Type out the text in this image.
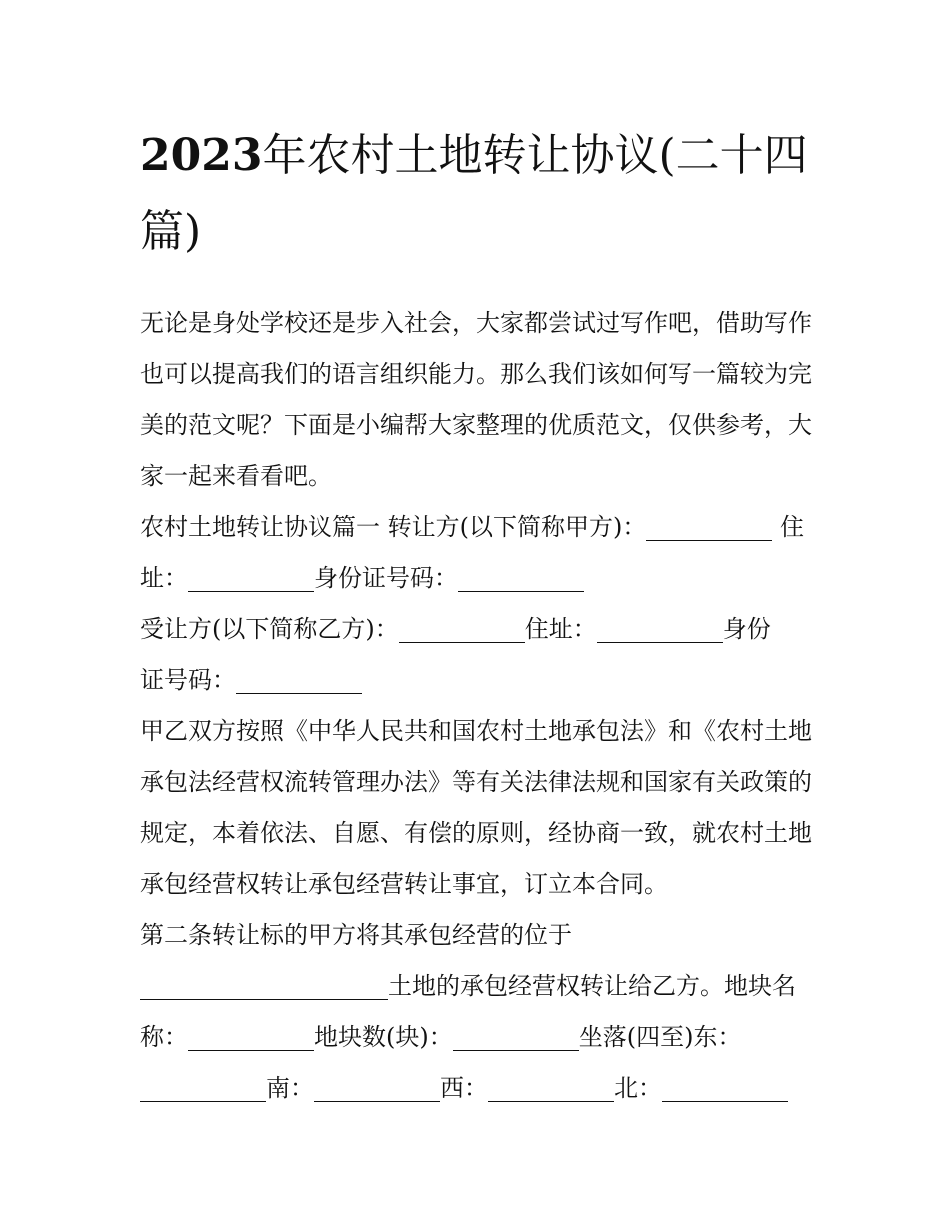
2023年农村土地转让协议(二十四篇)

无论是身处学校还是步入社会，大家都尝试过写作吧，借助写作也可以提高我们的语言组织能力。那么我们该如何写一篇较为完美的范文呢？下面是小编帮大家整理的优质范文，仅供参考，大家一起来看看吧。

农村土地转让协议篇一 转让方(以下简称甲方)：	住址：	身份证号码：

受让方(以下简称乙方)：	住址：	身份
证号码：

甲乙双方按照《中华人民共和国农村土地承包法》和《农村土地承包法经营权流转管理办法》等有关法律法规和国家有关政策的规定，本着依法、自愿、有偿的原则，经协商一致，就农村土地承包经营权转让承包经营转让事宜，订立本合同。

第二条转让标的甲方将其承包经营的位于
土地的承包经营权转让给乙方。地块名称：	地块数(块)：	坐落(四至)东：
南：	西：	北：
